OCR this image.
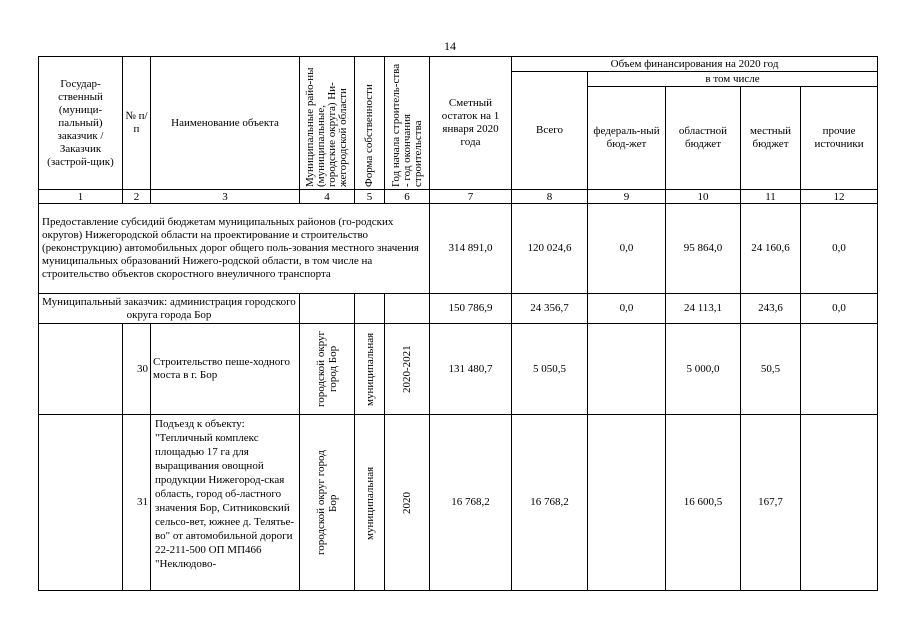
14
Государ-ственный (муници-пальный) заказчик / Заказчик (застрой-щик)	№ п/п	Наименование объекта	Муниципальные райо-ны (муниципальные, городские округа) Ни-жегородской области	Форма собственности	Год начала строитель-ства - год окончания строительства	Сметный остаток на 1 января 2020 года	Объем финансирования на 2020 год				
							Всего	в том числе			
								федераль-ный бюд-жет	областной бюджет	местный бюджет	прочие источники
1	2	3	4	5	6	7	8	9	10	11	12
Предоставление субсидий бюджетам муниципальных районов (го-родских округов) Нижегородской области на проектирование и строительство (реконструкцию) автомобильных дорог общего поль-зования местного значения муниципальных образований Нижего-родской области, в том числе на строительство объектов скоростного внеуличного транспорта						314 891,0	120 024,6	0,0	95 864,0	24 160,6	0,0
Муниципальный заказчик: администрация городского округа города Бор						150 786,9	24 356,7	0,0	24 113,1	243,6	0,0
	30	Строительство пеше-ходного моста в г. Бор	городской округ город Бор	муниципальная	2020-2021	131 480,7	5 050,5		5 000,0	50,5	
	31	Подъезд к объекту: "Тепличный комплекс площадью 17 га для выращивания овощной продукции Нижегород-ская область, город об-ластного значения Бор, Ситниковский сельсо-вет, южнее д. Телятье-во" от автомобильной дороги 22-211-500 ОП МП466 "Неклюдово-	городской округ город Бор	муниципальная	2020	16 768,2	16 768,2		16 600,5	167,7	
